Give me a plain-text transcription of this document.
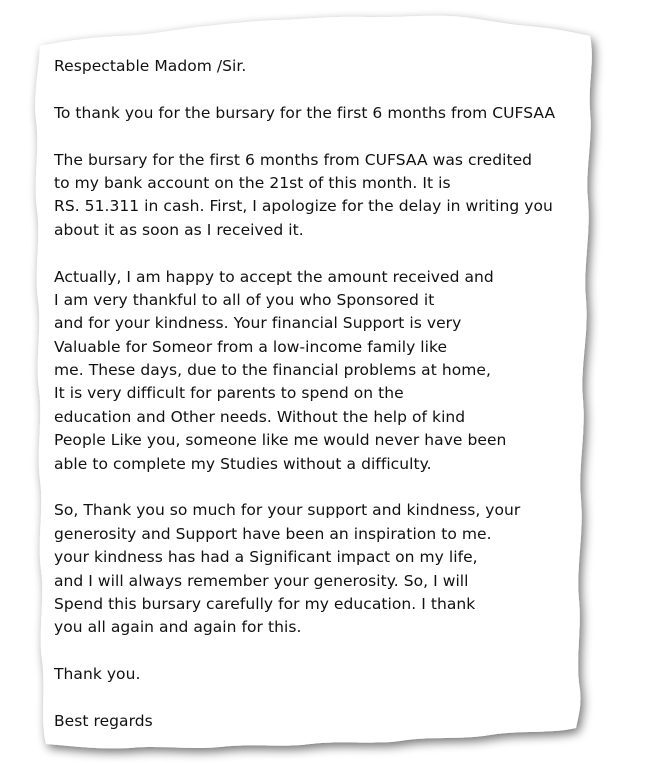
Respectable Madom /Sir.
To thank you for the bursary for the first 6 months from CUFSAA
The bursary for the first 6 months from CUFSAA was credited
to my bank account on the 21st of this month. It is
RS. 51.311 in cash. First, I apologize for the delay in writing you
about it as soon as I received it.
Actually, I am happy to accept the amount received and
I am very thankful to all of you who Sponsored it
and for your kindness. Your financial Support is very
Valuable for Someor from a low-income family like
me. These days, due to the financial problems at home,
It is very difficult for parents to spend on the
education and Other needs. Without the help of kind
People Like you, someone like me would never have been
able to complete my Studies without a difficulty.
So, Thank you so much for your support and kindness, your
generosity and Support have been an inspiration to me.
your kindness has had a Significant impact on my life,
and I will always remember your generosity. So, I will
Spend this bursary carefully for my education. I thank
you all again and again for this.
Thank you.
Best regards
